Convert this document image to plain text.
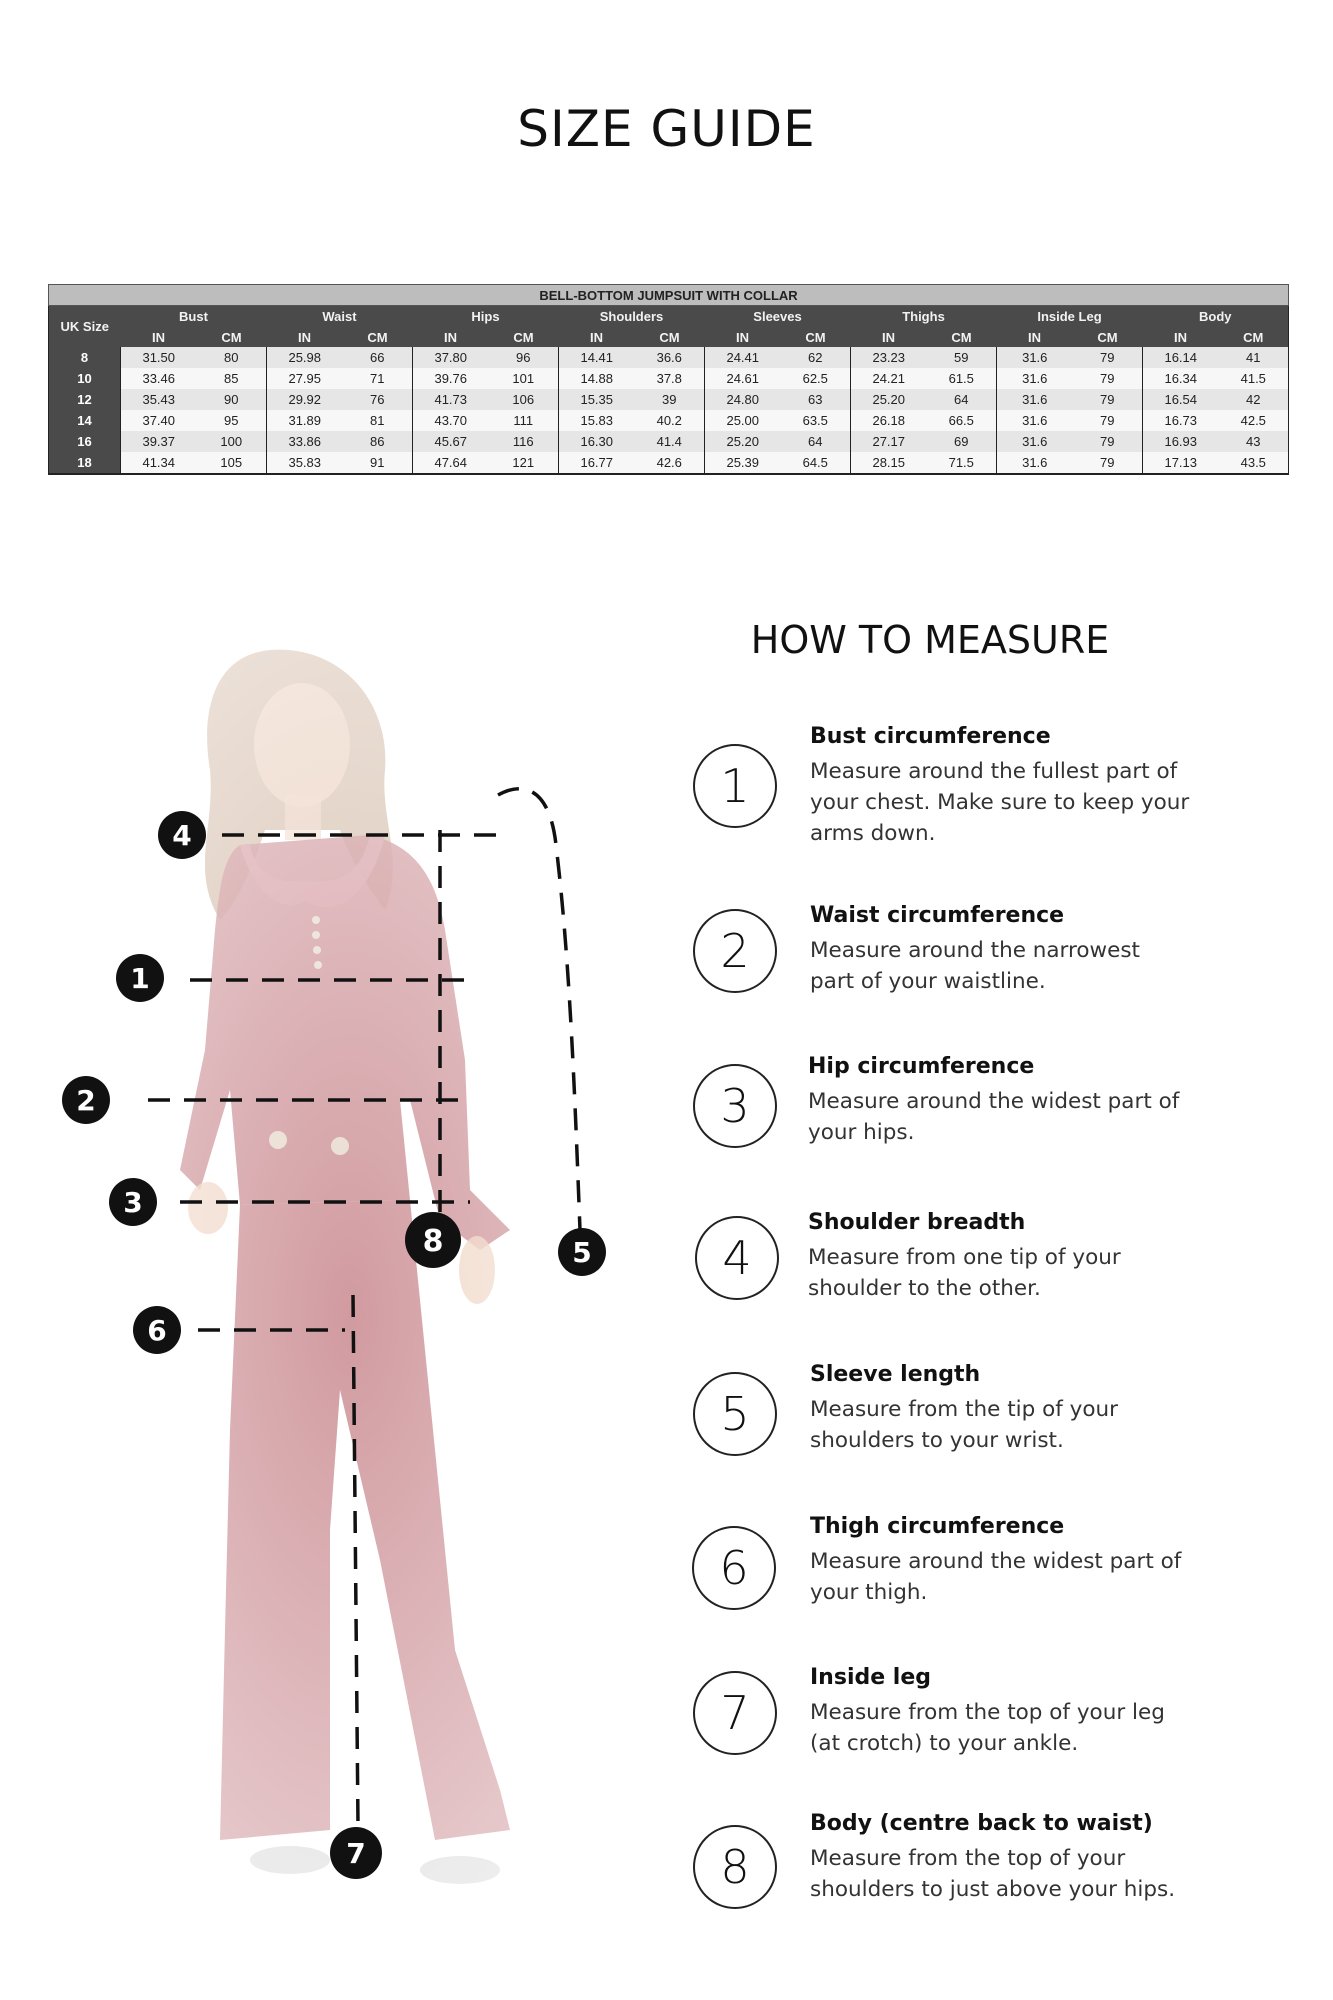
SIZE GUIDE
BELL-BOTTOM JUMPSUIT WITH COLLAR																
UK Size	Bust		Waist		Hips		Shoulders		Sleeves		Thighs		Inside Leg		Body	
	IN	CM	IN	CM	IN	CM	IN	CM	IN	CM	IN	CM	IN	CM	IN	CM
8	31.50	80	25.98	66	37.80	96	14.41	36.6	24.41	62	23.23	59	31.6	79	16.14	41
10	33.46	85	27.95	71	39.76	101	14.88	37.8	24.61	62.5	24.21	61.5	31.6	79	16.34	41.5
12	35.43	90	29.92	76	41.73	106	15.35	39	24.80	63	25.20	64	31.6	79	16.54	42
14	37.40	95	31.89	81	43.70	111	15.83	40.2	25.00	63.5	26.18	66.5	31.6	79	16.73	42.5
16	39.37	100	33.86	86	45.67	116	16.30	41.4	25.20	64	27.17	69	31.6	79	16.93	43
18	41.34	105	35.83	91	47.64	121	16.77	42.6	25.39	64.5	28.15	71.5	31.6	79	17.13	43.5
4
1
2
3
8	5
6
7
HOW TO MEASURE
1

Bust circumference

Measure around the fullest part of your chest. Make sure to keep your arms down.

2

Waist circumference

Measure around the narrowest part of your waistline.

3

Hip circumference

Measure around the widest part of your hips.

4

Shoulder breadth

Measure from one tip of your shoulder to the other.

5

Sleeve length

Measure from the tip of your shoulders to your wrist.

6

Thigh circumference

Measure around the widest part of your thigh.

7

Inside leg

Measure from the top of your leg (at crotch) to your ankle.

8

Body (centre back to waist)

Measure from the top of your shoulders to just above your hips.
